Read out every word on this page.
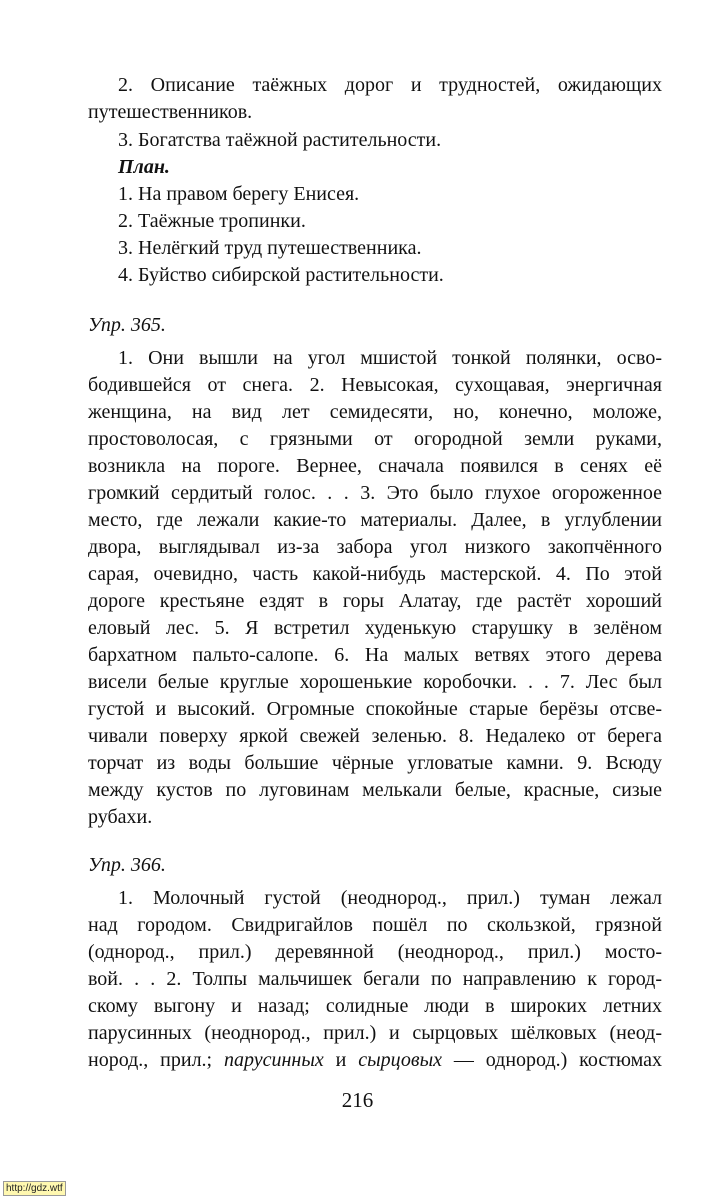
2. Описание таёжных дорог и трудностей, ожидающих
путешественников.
3. Богатства таёжной растительности.
План.
1. На правом берегу Енисея.
2. Таёжные тропинки.
3. Нелёгкий труд путешественника.
4. Буйство сибирской растительности.
Упр. 365.
1. Они вышли на угол мшистой тонкой полянки, осво-
бодившейся от снега. 2. Невысокая, сухощавая, энергичная
женщина, на вид лет семидесяти, но, конечно, моложе,
простоволосая, с грязными от огородной земли руками,
возникла на пороге. Вернее, сначала появился в сенях её
громкий сердитый голос. . . 3. Это было глухое огороженное
место, где лежали какие-то материалы. Далее, в углублении
двора, выглядывал из-за забора угол низкого закопчённого
сарая, очевидно, часть какой-нибудь мастерской. 4. По этой
дороге крестьяне ездят в горы Алатау, где растёт хороший
еловый лес. 5. Я встретил худенькую старушку в зелёном
бархатном пальто-салопе. 6. На малых ветвях этого дерева
висели белые круглые хорошенькие коробочки. . . 7. Лес был
густой и высокий. Огромные спокойные старые берёзы отсве-
чивали поверху яркой свежей зеленью. 8. Недалеко от берега
торчат из воды большие чёрные угловатые камни. 9. Всюду
между кустов по луговинам мелькали белые, красные, сизые
рубахи.
Упр. 366.
1. Молочный густой (неоднород., прил.) туман лежал
над городом. Свидригайлов пошёл по скользкой, грязной
(однород., прил.) деревянной (неоднород., прил.) мосто-
вой. . . 2. Толпы мальчишек бегали по направлению к город-
скому выгону и назад; солидные люди в широких летних
парусинных (неоднород., прил.) и сырцовых шёлковых (неод-
нород., прил.; парусинных и сырцовых — однород.) костюмах
216
http://gdz.wtf
